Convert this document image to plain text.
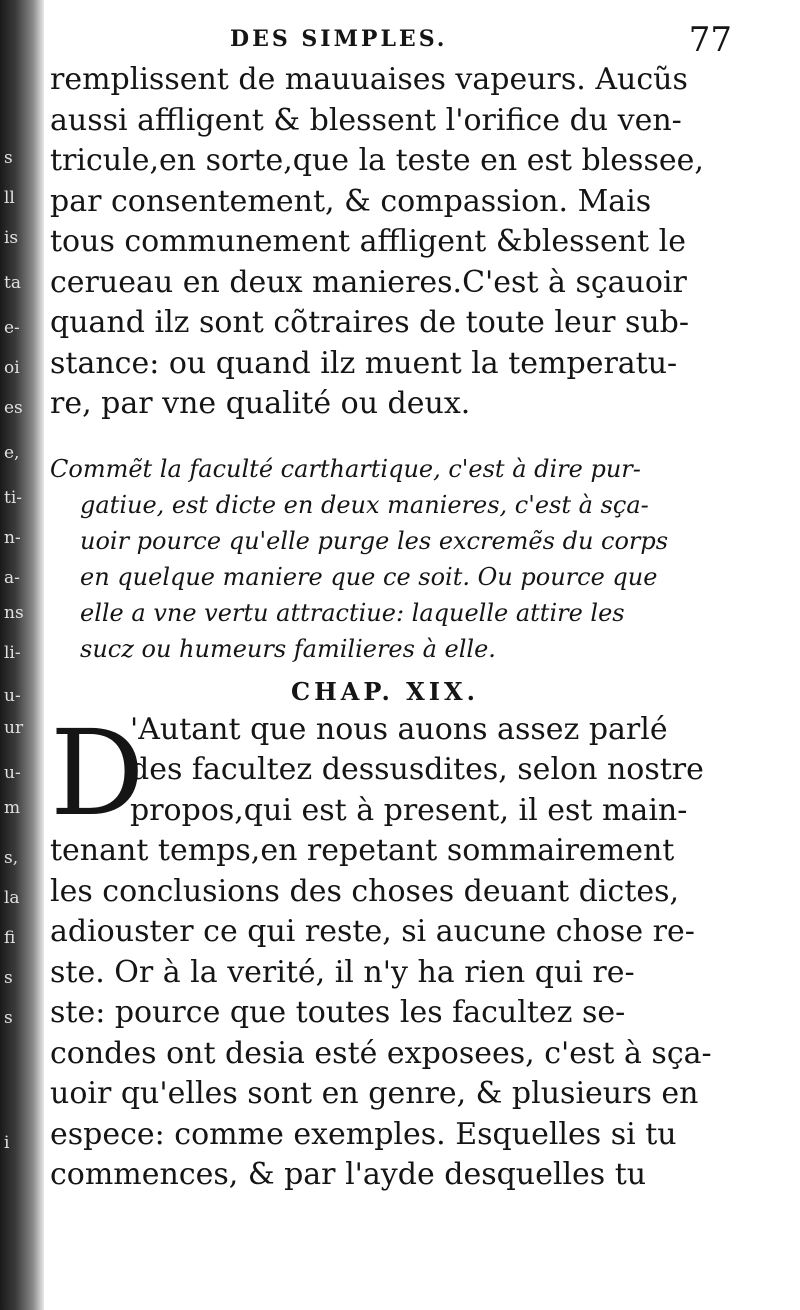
s
ll
is
ta
e-
oi
es
e,
ti-
n-
a-
ns
li-
u-
ur
u-
m
s,
la
fi
s
s
i
DES SIMPLES.	77
remplissent de mauuaises vapeurs. Aucũs
aussi affligent & blessent l'orifice du ven-
tricule,en sorte,que la teste en est blessee,
par consentement, & compassion. Mais
tous communement affligent &blessent le
cerueau en deux manieres.C'est à sçauoir
quand ilz sont cõtraires de toute leur sub-
stance: ou quand ilz muent la temperatu-
re, par vne qualité ou deux.
Commẽt la faculté carthartique, c'est à dire pur-
gatiue, est dicte en deux manieres, c'est à sça-
uoir pource qu'elle purge les excremẽs du corps
en quelque maniere que ce soit. Ou pource que
elle a vne vertu attractiue: laquelle attire les
sucz ou humeurs familieres à elle.
CHAP. XIX.
D
'Autant que nous auons assez parlé
des facultez dessusdites, selon nostre
propos,qui est à present, il est main-
tenant temps,en repetant sommairement
les conclusions des choses deuant dictes,
adiouster ce qui reste, si aucune chose re-
ste. Or à la verité, il n'y ha rien qui re-
ste: pource que toutes les facultez se-
condes ont desia esté exposees, c'est à sça-
uoir qu'elles sont en genre, & plusieurs en
espece: comme exemples. Esquelles si tu
commences, & par l'ayde desquelles tu
